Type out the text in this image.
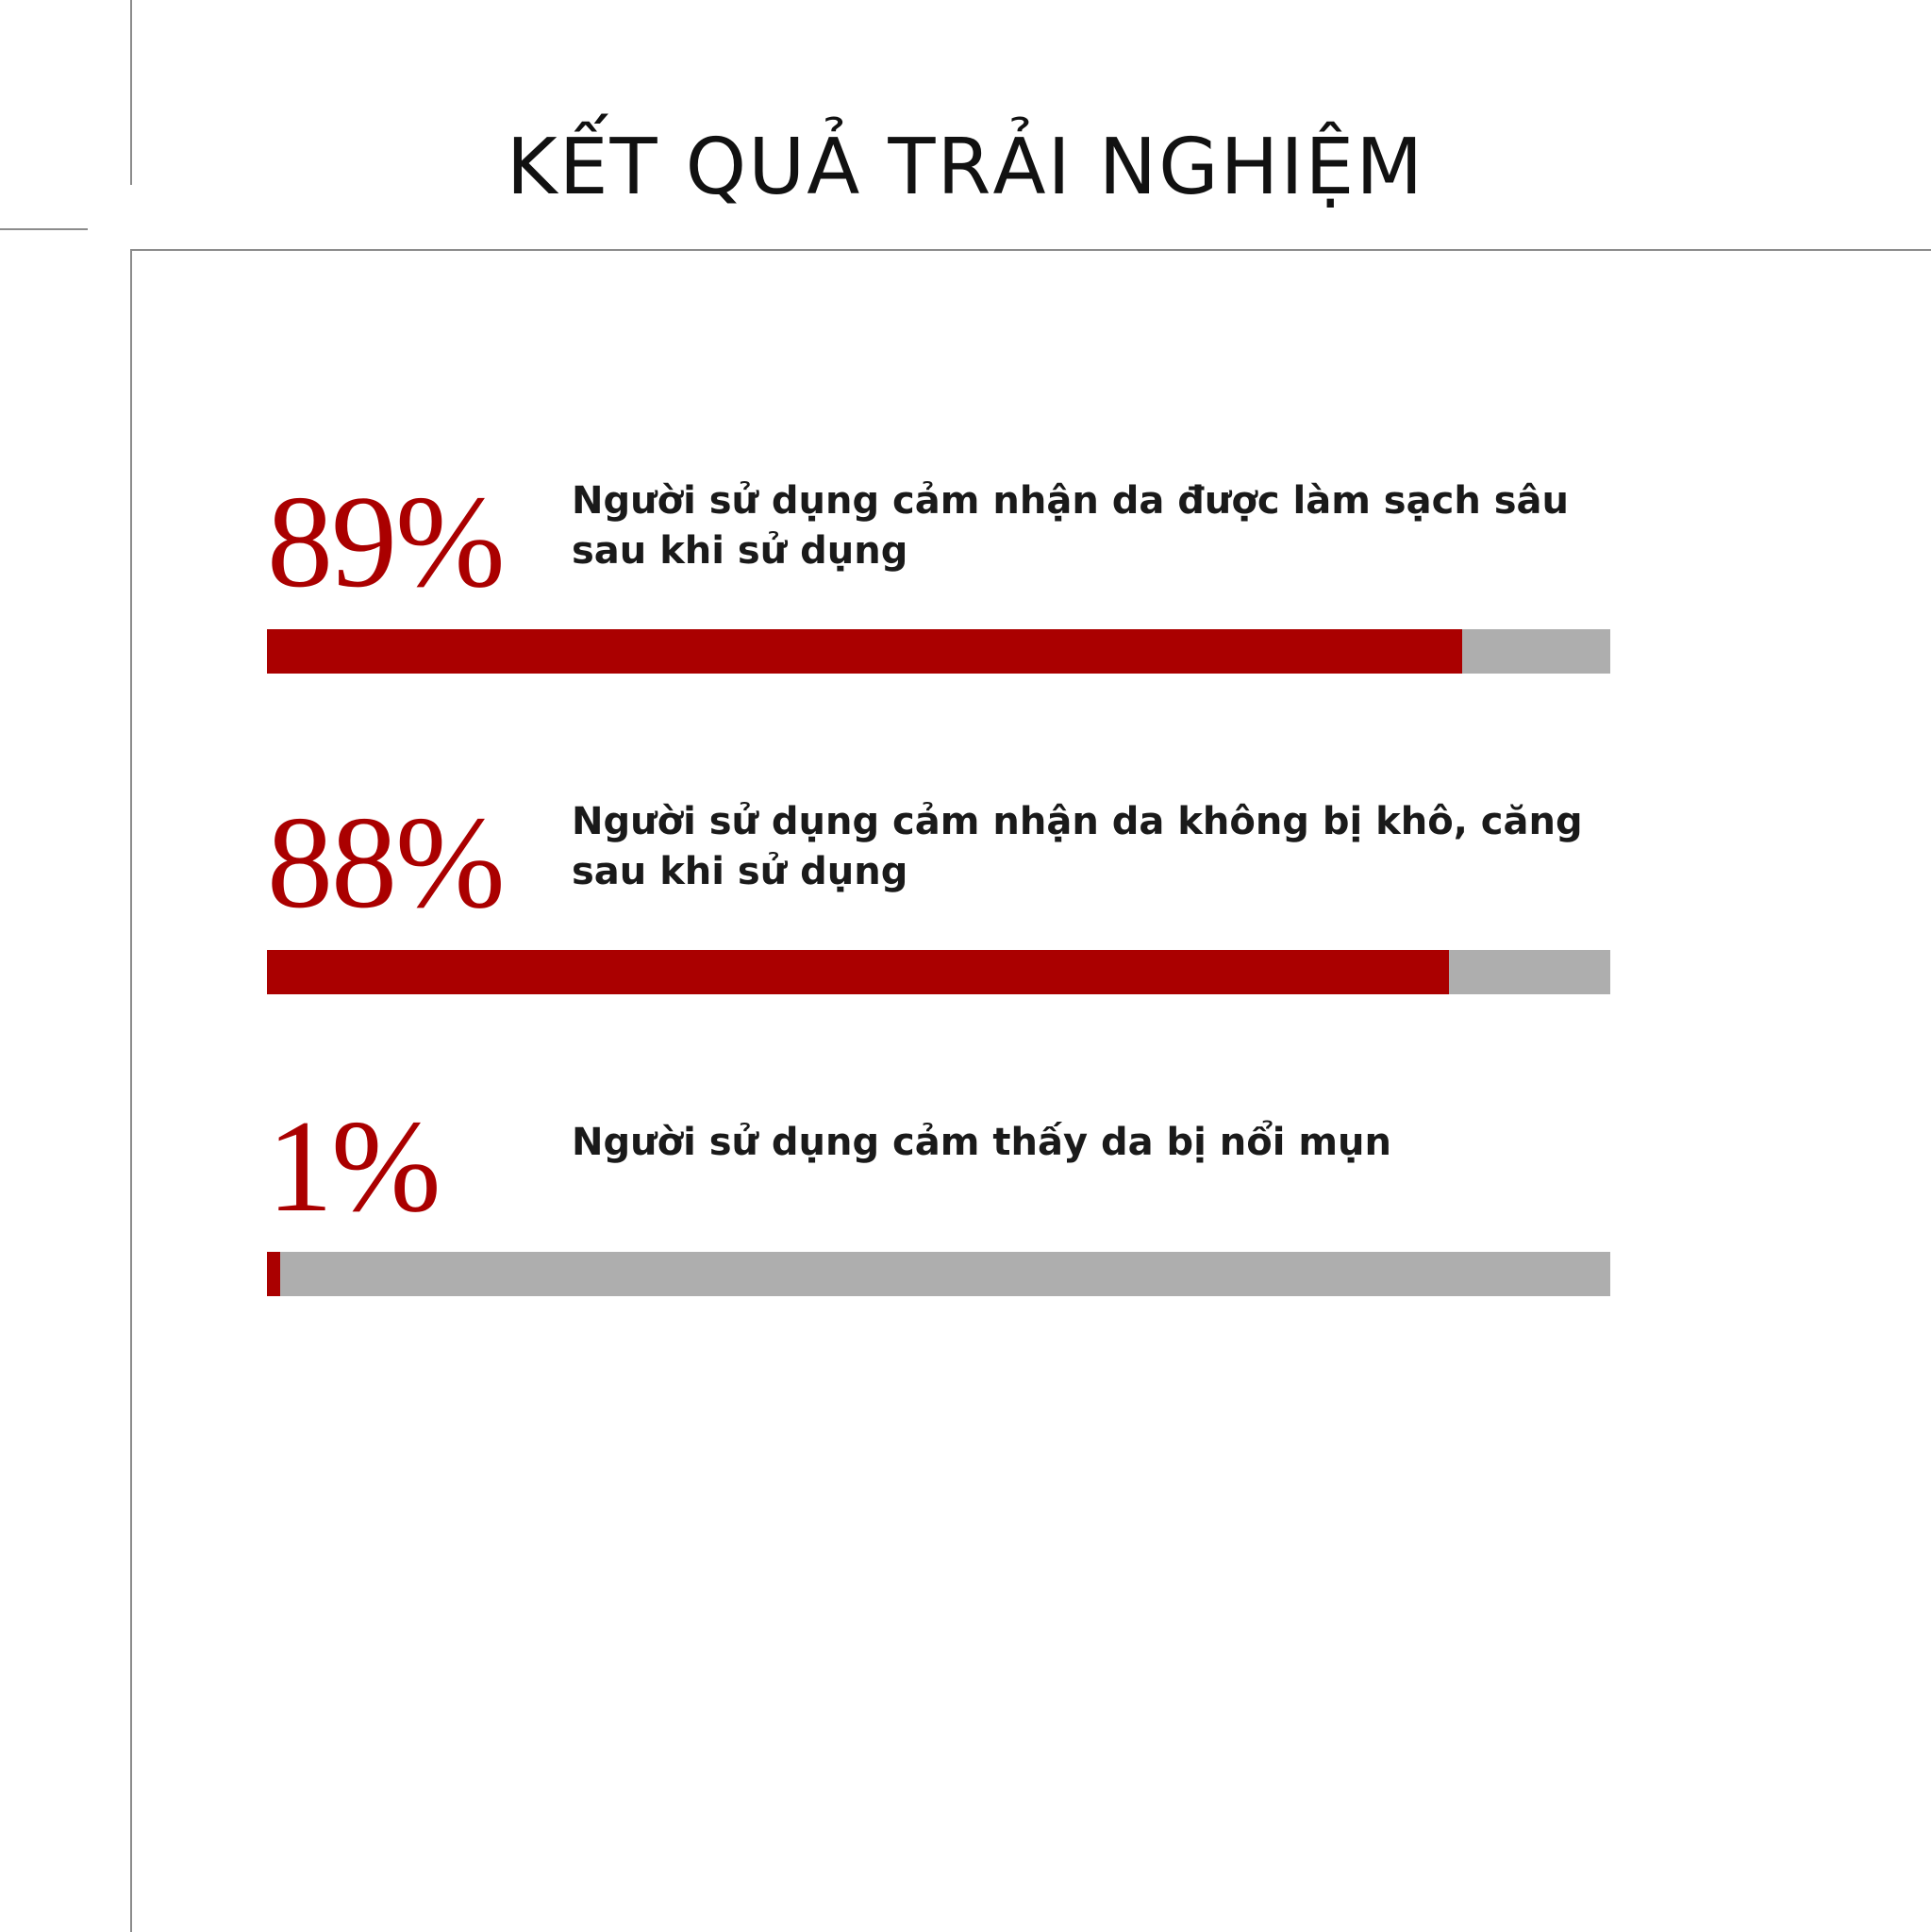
KẾT QUẢ TRẢI NGHIỆM
89% Người sử dụng cảm nhận da được làm sạch sâu sau khi sử dụng

88% Người sử dụng cảm nhận da không bị khô, căng sau khi sử dụng

1%	Người sử dụng cảm thấy da bị nổi mụn
